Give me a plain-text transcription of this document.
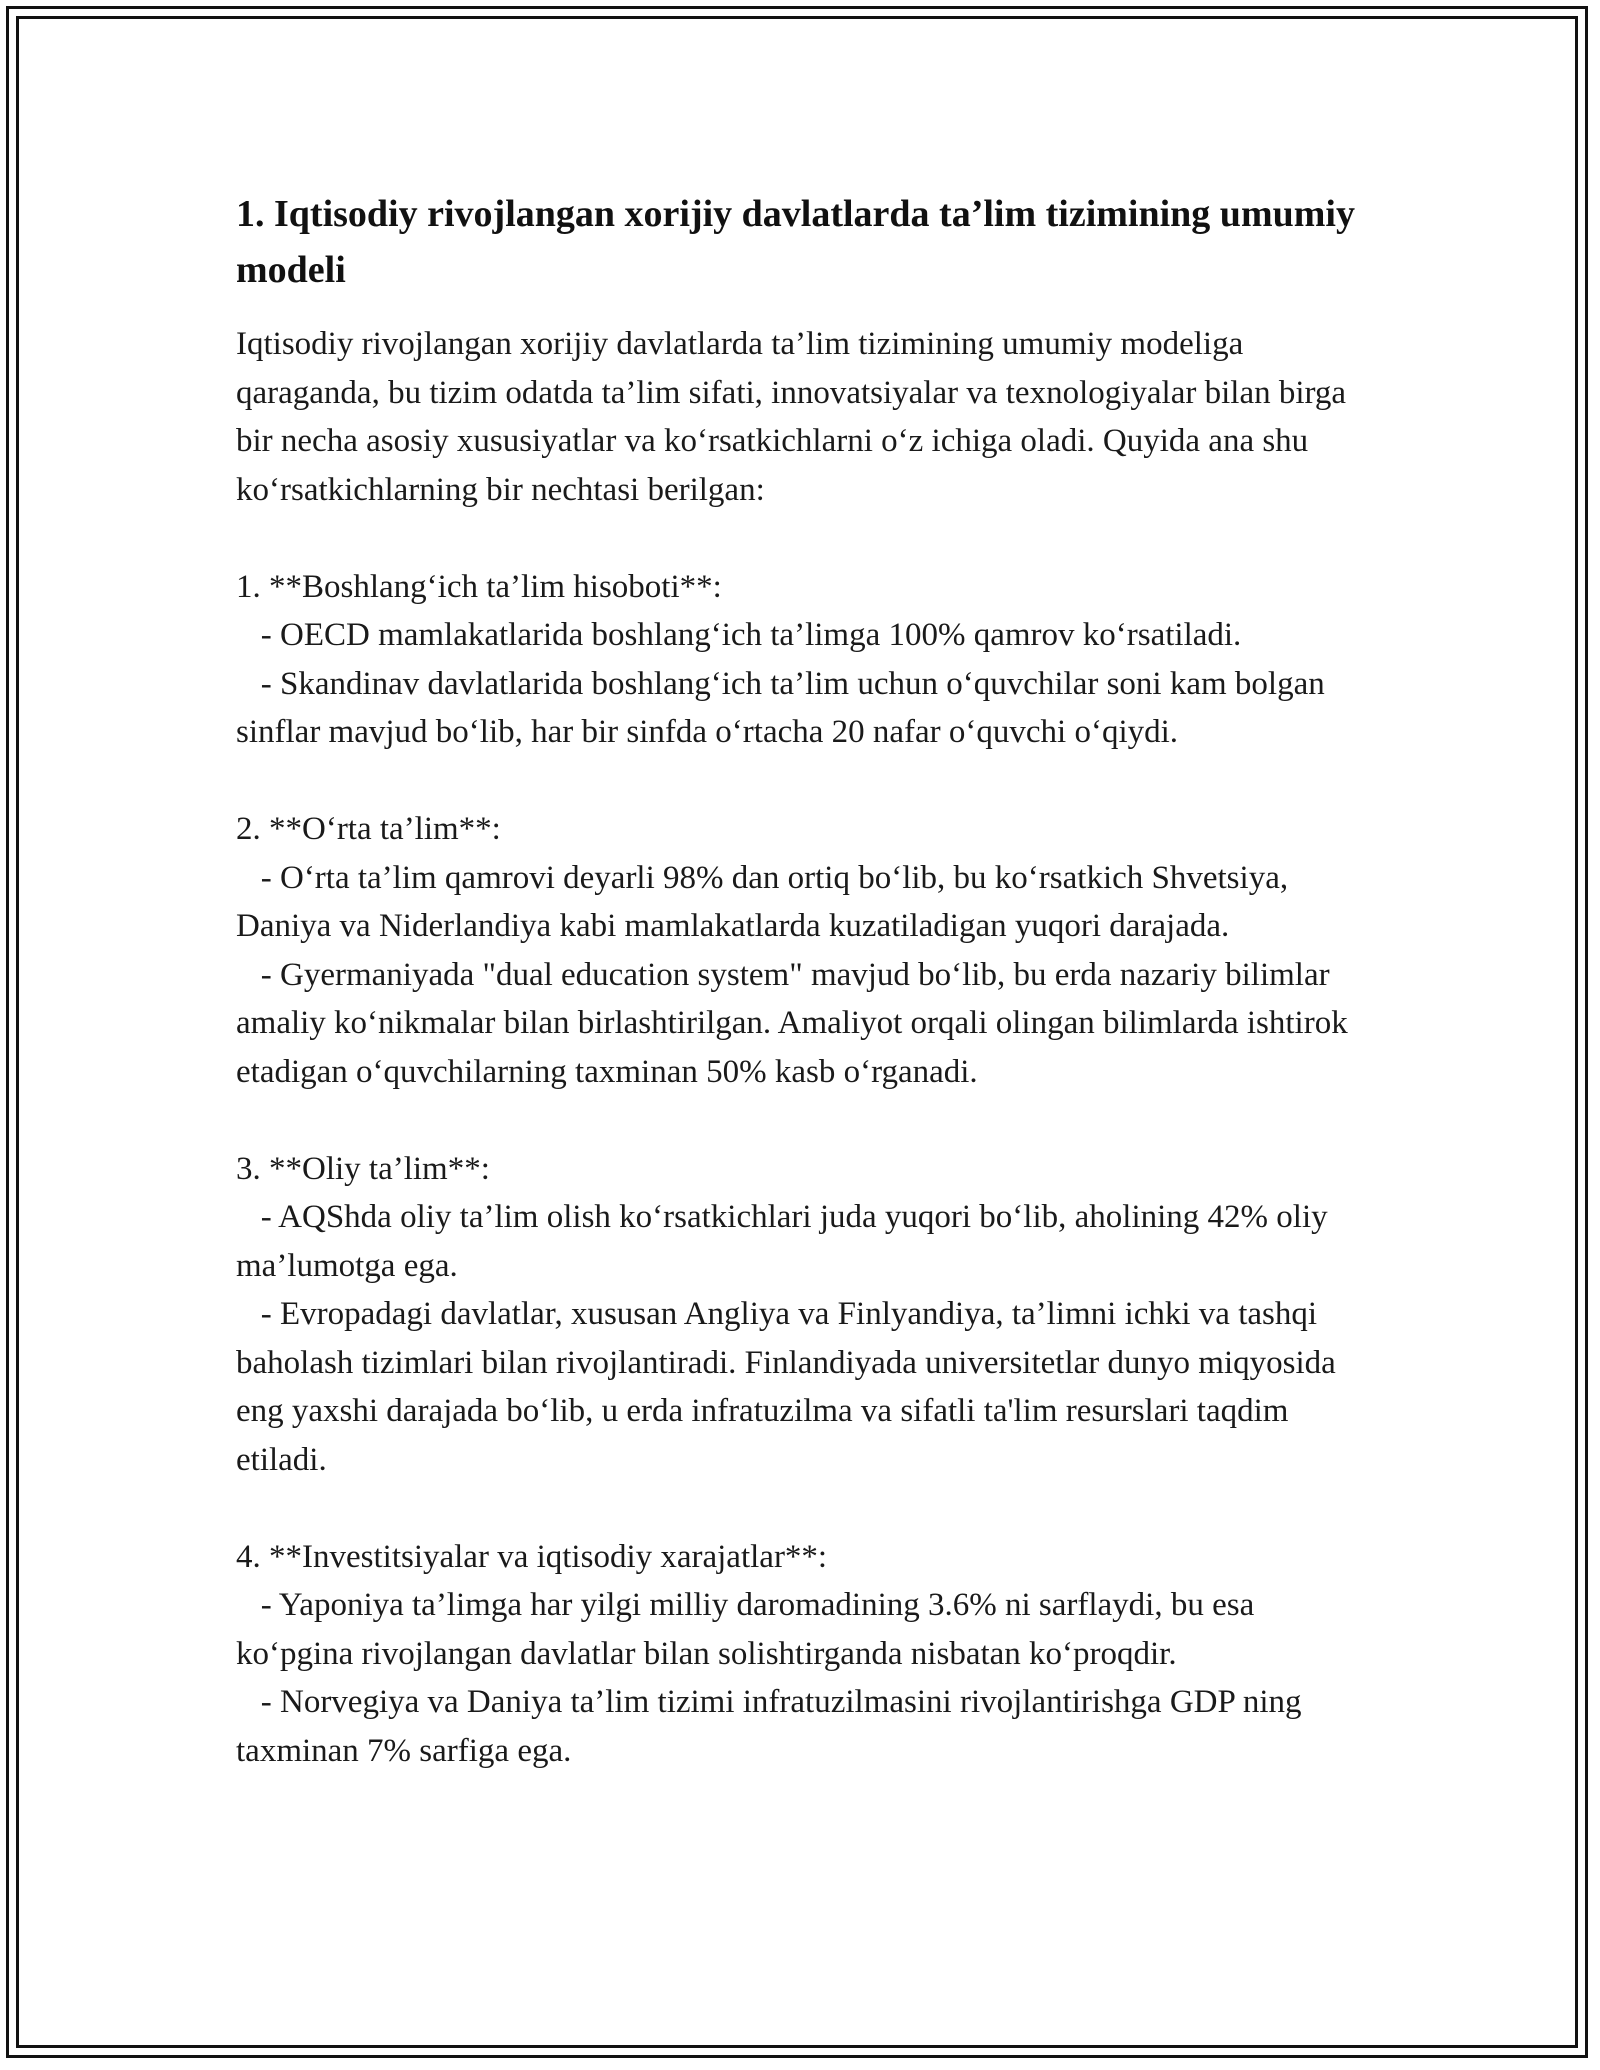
1. Iqtisodiy rivojlangan xorijiy davlatlarda ta’lim tizimining umumiy modeli

Iqtisodiy rivojlangan xorijiy davlatlarda ta’lim tizimining umumiy modeliga qaraganda, bu tizim odatda ta’lim sifati, innovatsiyalar va texnologiyalar bilan birga bir necha asosiy xususiyatlar va ko‘rsatkichlarni o‘z ichiga oladi. Quyida ana shu ko‘rsatkichlarning bir nechtasi berilgan:

1. **Boshlang‘ich ta’lim hisoboti**:

- OECD mamlakatlarida boshlang‘ich ta’limga 100% qamrov ko‘rsatiladi.

- Skandinav davlatlarida boshlang‘ich ta’lim uchun o‘quvchilar soni kam bolgan sinflar mavjud bo‘lib, har bir sinfda o‘rtacha 20 nafar o‘quvchi o‘qiydi.

2. **O‘rta ta’lim**:

- O‘rta ta’lim qamrovi deyarli 98% dan ortiq bo‘lib, bu ko‘rsatkich Shvetsiya, Daniya va Niderlandiya kabi mamlakatlarda kuzatiladigan yuqori darajada.

- Gyermaniyada "dual education system" mavjud bo‘lib, bu erda nazariy bilimlar amaliy ko‘nikmalar bilan birlashtirilgan. Amaliyot orqali olingan bilimlarda ishtirok etadigan o‘quvchilarning taxminan 50% kasb o‘rganadi.

3. **Oliy ta’lim**:

- AQShda oliy ta’lim olish ko‘rsatkichlari juda yuqori bo‘lib, aholining 42% oliy ma’lumotga ega.

- Evropadagi davlatlar, xususan Angliya va Finlyandiya, ta’limni ichki va tashqi baholash tizimlari bilan rivojlantiradi. Finlandiyada universitetlar dunyo miqyosida eng yaxshi darajada bo‘lib, u erda infratuzilma va sifatli ta'lim resurslari taqdim etiladi.

4. **Investitsiyalar va iqtisodiy xarajatlar**:

- Yaponiya ta’limga har yilgi milliy daromadining 3.6% ni sarflaydi, bu esa ko‘pgina rivojlangan davlatlar bilan solishtirganda nisbatan ko‘proqdir.

- Norvegiya va Daniya ta’lim tizimi infratuzilmasini rivojlantirishga GDP ning taxminan 7% sarfiga ega.
